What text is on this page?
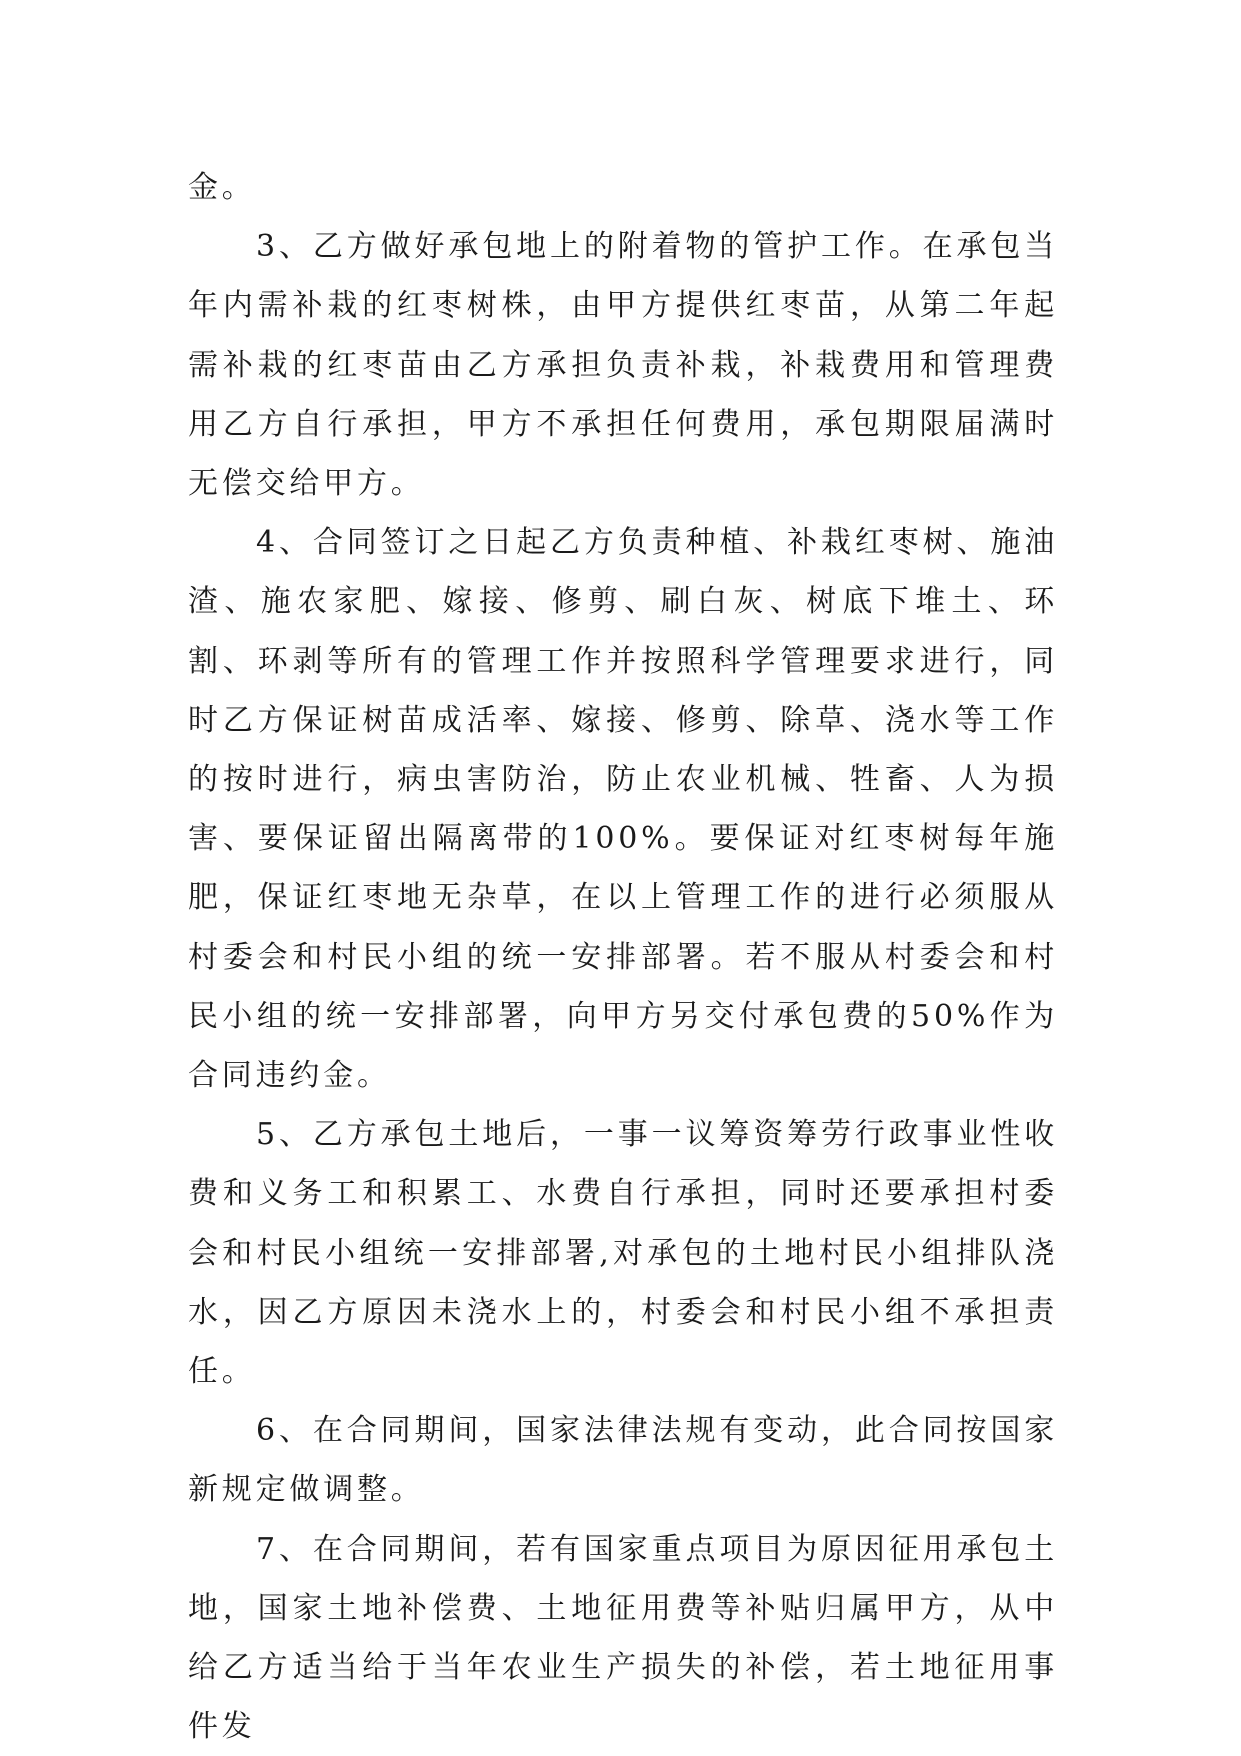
金。

3、乙方做好承包地上的附着物的管护工作。在承包当年内需补栽的红枣树株，由甲方提供红枣苗，从第二年起需补栽的红枣苗由乙方承担负责补栽，补栽费用和管理费用乙方自行承担，甲方不承担任何费用，承包期限届满时无偿交给甲方。

4、合同签订之日起乙方负责种植、补栽红枣树、施油渣、施农家肥、嫁接、修剪、刷白灰、树底下堆土、环割、环剥等所有的管理工作并按照科学管理要求进行，同时乙方保证树苗成活率、嫁接、修剪、除草、浇水等工作的按时进行，病虫害防治，防止农业机械、牲畜、人为损害、要保证留出隔离带的100%。要保证对红枣树每年施肥，保证红枣地无杂草，在以上管理工作的进行必须服从村委会和村民小组的统一安排部署。若不服从村委会和村民小组的统一安排部署，向甲方另交付承包费的50%作为合同违约金。

5、乙方承包土地后，一事一议筹资筹劳行政事业性收费和义务工和积累工、水费自行承担，同时还要承担村委会和村民小组统一安排部署,对承包的土地村民小组排队浇水，因乙方原因未浇水上的，村委会和村民小组不承担责任。

6、在合同期间，国家法律法规有变动，此合同按国家新规定做调整。

7、在合同期间，若有国家重点项目为原因征用承包土地，国家土地补偿费、土地征用费等补贴归属甲方，从中给乙方适当给于当年农业生产损失的补偿，若土地征用事件发
